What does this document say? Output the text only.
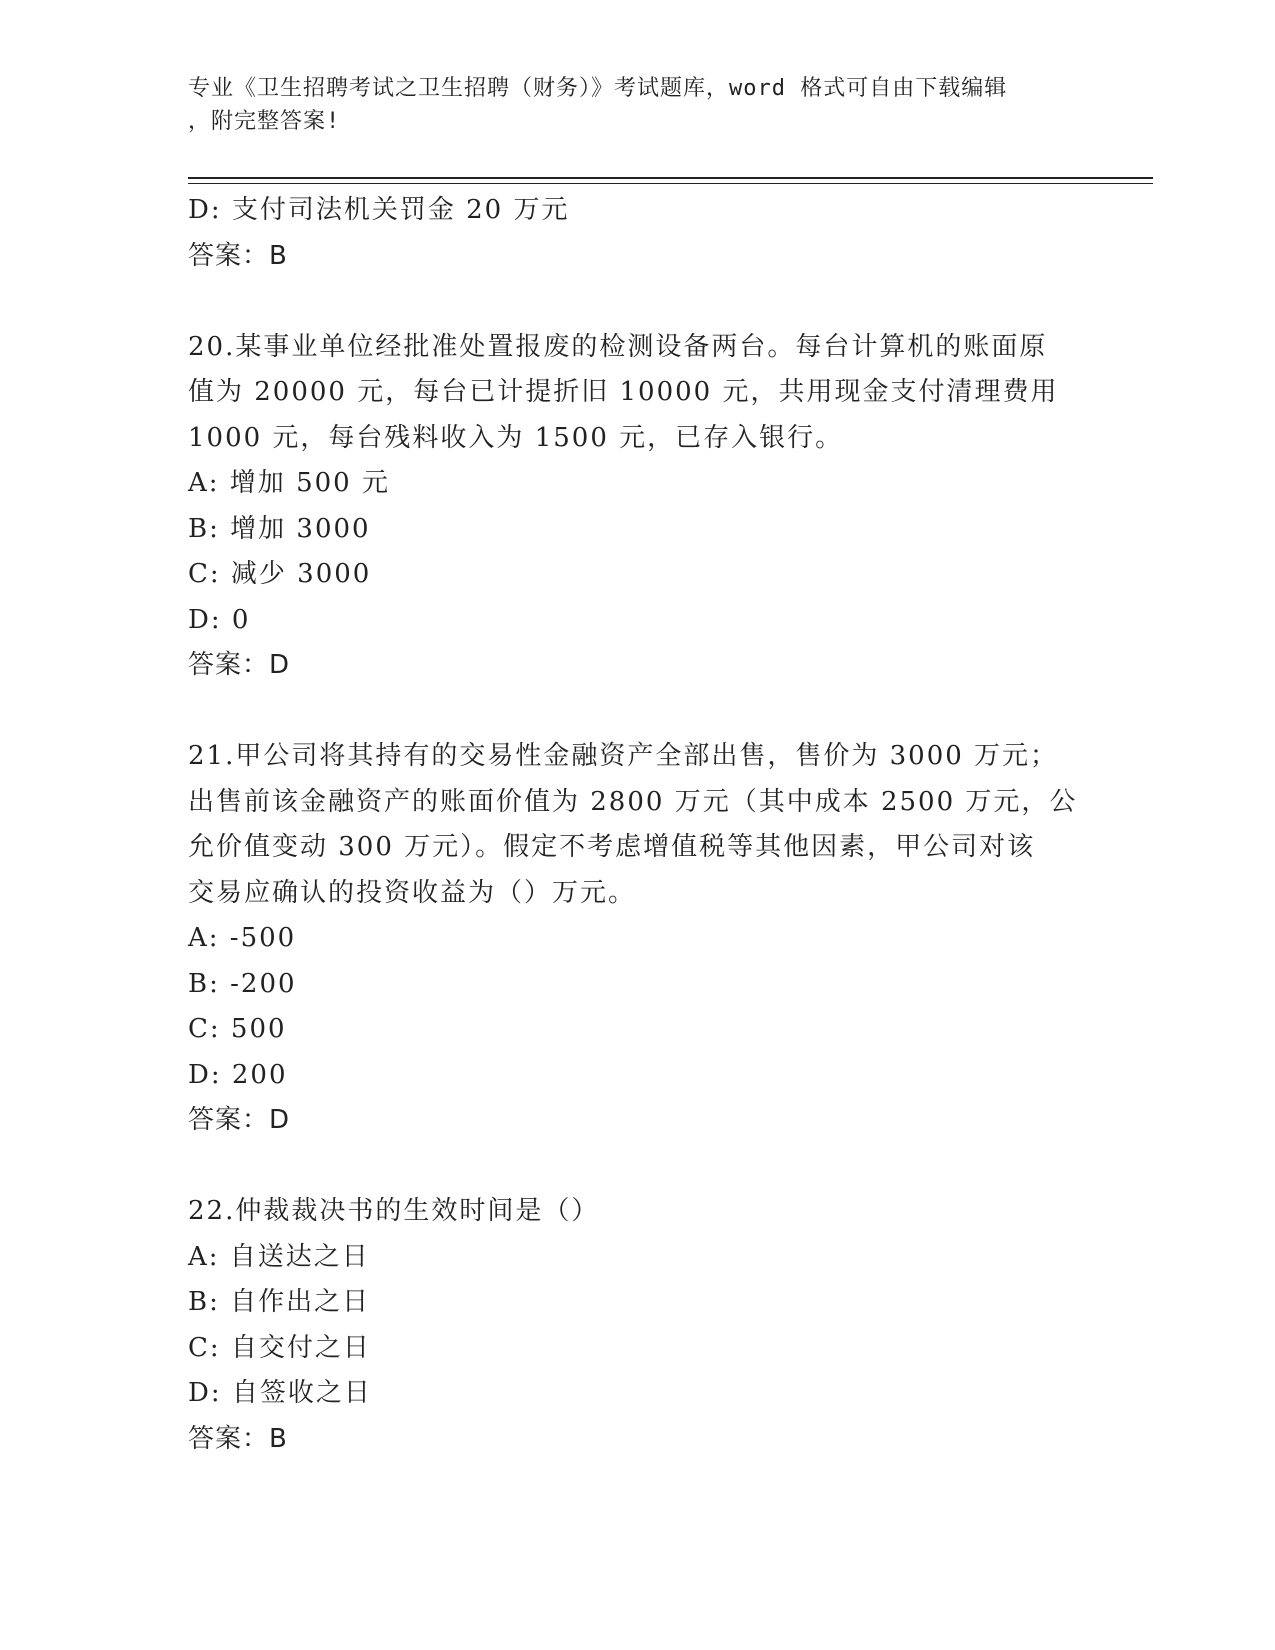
专业《卫生招聘考试之卫生招聘（财务）》考试题库，word 格式可自由下载编辑
，附完整答案!
D: 支付司法机关罚金 20 万元
答案：B
20.某事业单位经批准处置报废的检测设备两台。每台计算机的账面原
值为 20000 元，每台已计提折旧 10000 元，共用现金支付清理费用
1000 元，每台残料收入为 1500 元，已存入银行。
A: 增加 500 元
B: 增加 3000
C: 减少 3000
D: 0
答案：D
21.甲公司将其持有的交易性金融资产全部出售，售价为 3000 万元；
出售前该金融资产的账面价值为 2800 万元（其中成本 2500 万元，公
允价值变动 300 万元）。假定不考虑增值税等其他因素，甲公司对该
交易应确认的投资收益为（）万元。
A: -500
B: -200
C: 500
D: 200
答案：D
22.仲裁裁决书的生效时间是（）
A: 自送达之日
B: 自作出之日
C: 自交付之日
D: 自签收之日
答案：B
